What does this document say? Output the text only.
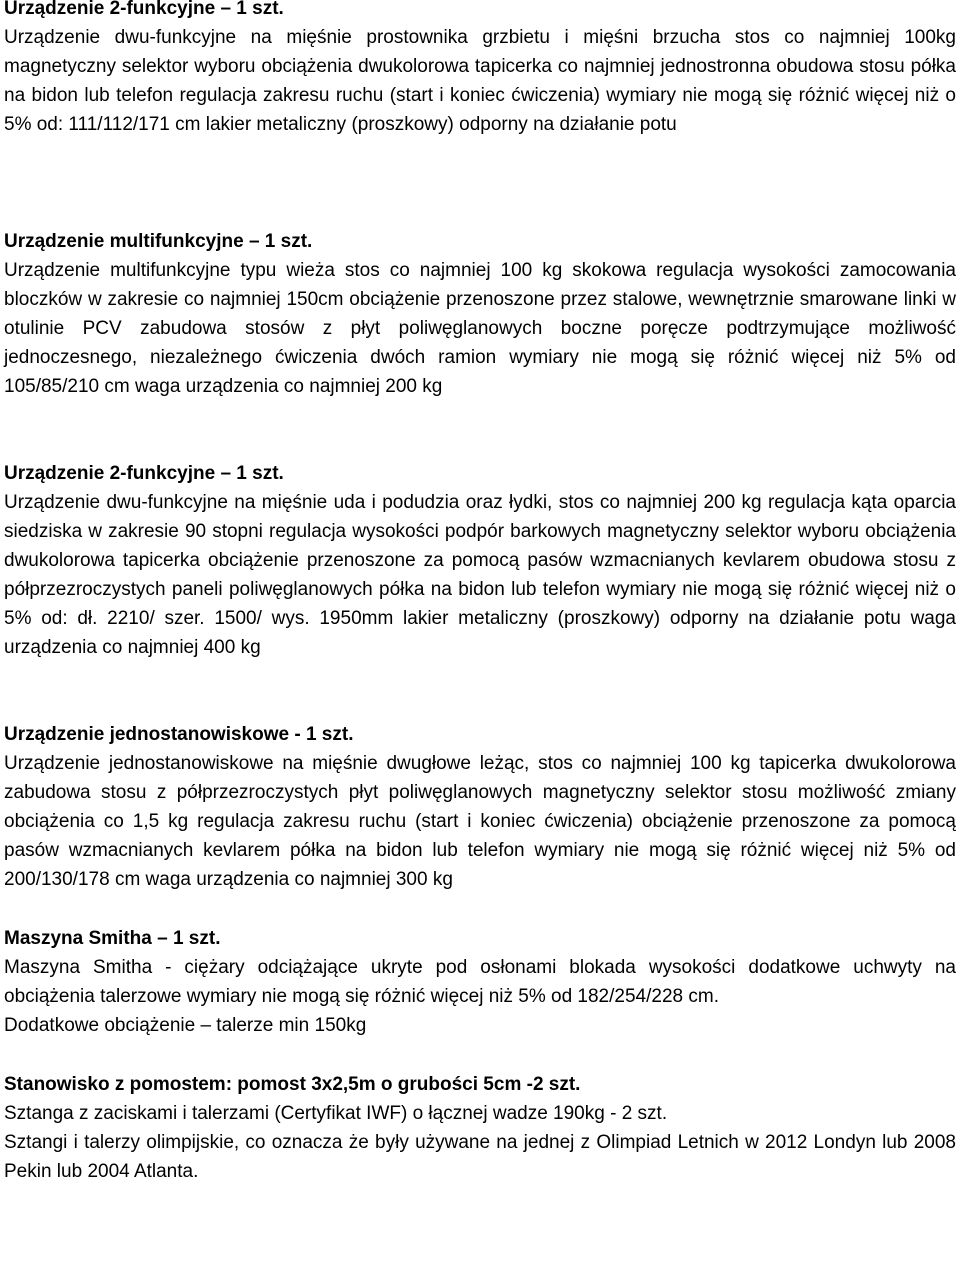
Urządzenie 2-funkcyjne – 1 szt.

Urządzenie dwu-funkcyjne na mięśnie prostownika grzbietu i mięśni brzucha stos co najmniej 100kg magnetyczny selektor wyboru obciążenia dwukolorowa tapicerka co najmniej jednostronna obudowa stosu półka na bidon lub telefon regulacja zakresu ruchu (start i koniec ćwiczenia) wymiary nie mogą się różnić więcej niż o 5% od: 111/112/171 cm lakier metaliczny (proszkowy) odporny na działanie potu

Urządzenie multifunkcyjne – 1 szt.

Urządzenie multifunkcyjne typu wieża stos co najmniej 100 kg skokowa regulacja wysokości zamocowania bloczków w zakresie co najmniej 150cm obciążenie przenoszone przez stalowe, wewnętrznie smarowane linki w otulinie PCV zabudowa stosów z płyt poliwęglanowych boczne poręcze podtrzymujące możliwość jednoczesnego, niezależnego ćwiczenia dwóch ramion wymiary nie mogą się różnić więcej niż 5% od 105/85/210 cm waga urządzenia co najmniej 200 kg

Urządzenie 2-funkcyjne – 1 szt.

Urządzenie dwu-funkcyjne na mięśnie uda i podudzia oraz łydki, stos co najmniej 200 kg regulacja kąta oparcia siedziska w zakresie 90 stopni regulacja wysokości podpór barkowych magnetyczny selektor wyboru obciążenia dwukolorowa tapicerka obciążenie przenoszone za pomocą pasów wzmacnianych kevlarem obudowa stosu z półprzezroczystych paneli poliwęglanowych półka na bidon lub telefon wymiary nie mogą się różnić więcej niż o 5% od: dł. 2210/ szer. 1500/ wys. 1950mm lakier metaliczny (proszkowy) odporny na działanie potu waga urządzenia co najmniej 400 kg

Urządzenie jednostanowiskowe - 1 szt.

Urządzenie jednostanowiskowe na mięśnie dwugłowe leżąc, stos co najmniej 100 kg tapicerka dwukolorowa zabudowa stosu z półprzezroczystych płyt poliwęglanowych magnetyczny selektor stosu możliwość zmiany obciążenia co 1,5 kg regulacja zakresu ruchu (start i koniec ćwiczenia) obciążenie przenoszone za pomocą pasów wzmacnianych kevlarem półka na bidon lub telefon wymiary nie mogą się różnić więcej niż 5% od 200/130/178 cm waga urządzenia co najmniej 300 kg

Maszyna Smitha – 1 szt.

Maszyna Smitha - ciężary odciążające ukryte pod osłonami blokada wysokości dodatkowe uchwyty na obciążenia talerzowe wymiary nie mogą się różnić więcej niż 5% od 182/254/228 cm.

Dodatkowe obciążenie – talerze min 150kg

Stanowisko z pomostem: pomost 3x2,5m o grubości 5cm -2 szt.

Sztanga z zaciskami i talerzami (Certyfikat IWF) o łącznej wadze 190kg - 2 szt.

Sztangi i talerzy olimpijskie, co oznacza że były używane na jednej z Olimpiad Letnich w 2012 Londyn lub 2008 Pekin lub 2004 Atlanta.
